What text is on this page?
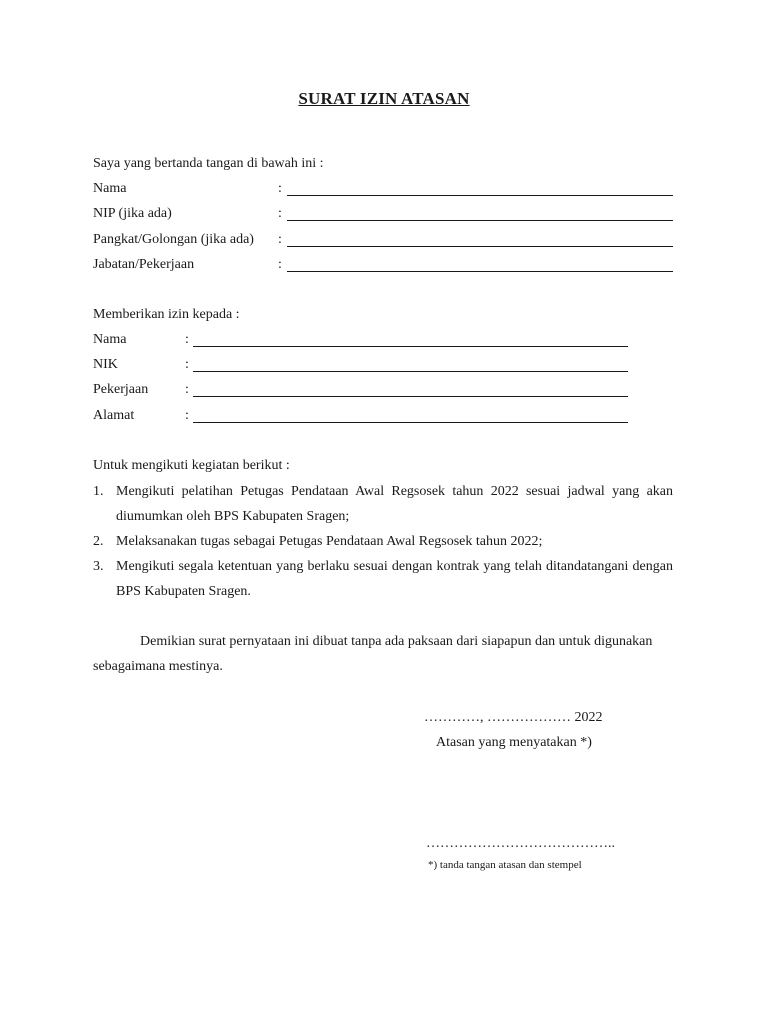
SURAT IZIN ATASAN
Saya yang bertanda tangan di bawah ini :
Nama	:
NIP (jika ada)	:
Pangkat/Golongan (jika ada) :
Jabatan/Pekerjaan	:
Memberikan izin kepada :
Nama	:
NIK	:
Pekerjaan	:
Alamat	:
Untuk mengikuti kegiatan berikut :
1. Mengikuti pelatihan Petugas Pendataan Awal Regsosek tahun 2022 sesuai jadwal yang akan diumumkan oleh BPS Kabupaten Sragen;
2. Melaksanakan tugas sebagai Petugas Pendataan Awal Regsosek tahun 2022;
3. Mengikuti segala ketentuan yang berlaku sesuai dengan kontrak yang telah ditandatangani dengan BPS Kabupaten Sragen.
Demikian surat pernyataan ini dibuat tanpa ada paksaan dari siapapun dan untuk digunakan sebagaimana mestinya.
…………, ……………… 2022
Atasan yang menyatakan *)
…………………………………..
*) tanda tangan atasan dan stempel
